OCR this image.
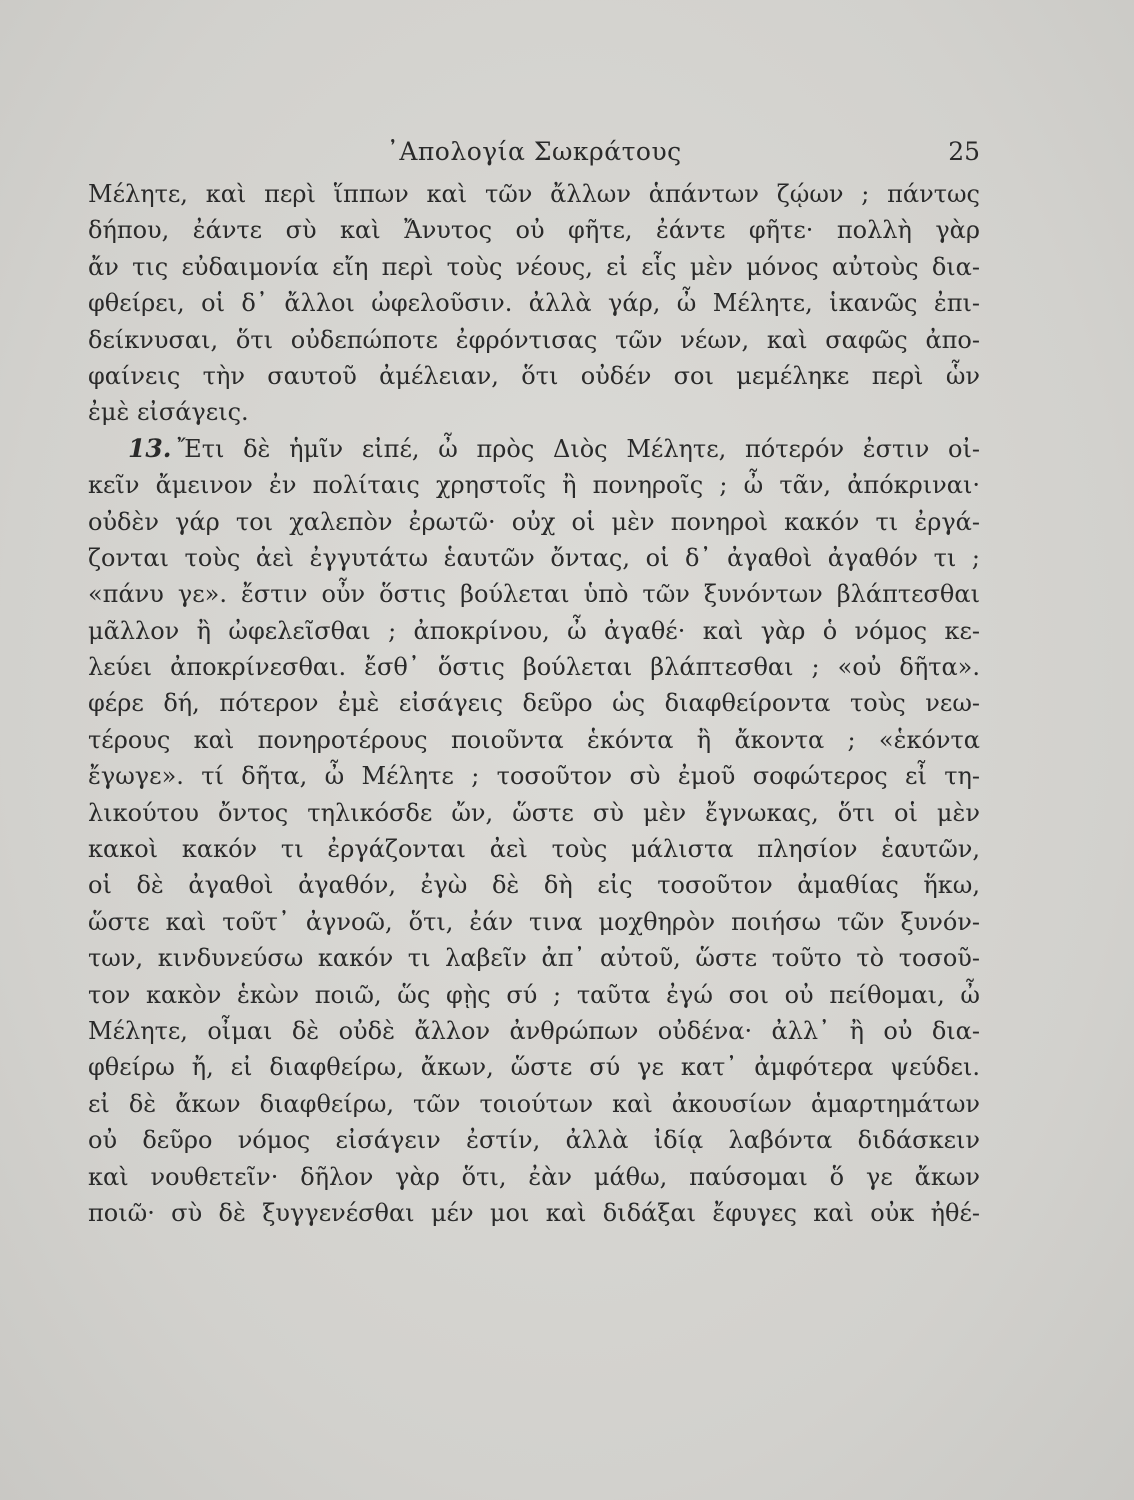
᾿Απολογία Σωκράτους	25
Μέλητε, καὶ περὶ ἵππων καὶ τῶν ἄλλων ἁπάντων ζῴων ; πάντως
δήπου, ἐάντε σὺ καὶ Ἄνυτος οὐ φῆτε, ἐάντε φῆτε· πολλὴ γὰρ
ἄν τις εὐδαιμονία εἴη περὶ τοὺς νέους, εἰ εἷς μὲν μόνος αὐτοὺς δια-
φθείρει, οἱ δ᾿ ἄλλοι ὠφελοῦσιν. ἀλλὰ γάρ, ὦ Μέλητε, ἱκανῶς ἐπι-
δείκνυσαι, ὅτι οὐδεπώποτε ἐφρόντισας τῶν νέων, καὶ σαφῶς ἀπο-
φαίνεις τὴν σαυτοῦ ἀμέλειαν, ὅτι οὐδέν σοι μεμέληκε περὶ ὧν
ἐμὲ εἰσάγεις.
13. Ἔτι δὲ ἡμῖν εἰπέ, ὦ πρὸς Διὸς Μέλητε, πότερόν ἐστιν οἰ-
κεῖν ἄμεινον ἐν πολίταις χρηστοῖς ἢ πονηροῖς ; ὦ τᾶν, ἀπόκριναι·
οὐδὲν γάρ τοι χαλεπὸν ἐρωτῶ· οὐχ οἱ μὲν πονηροὶ κακόν τι ἐργά-
ζονται τοὺς ἀεὶ ἐγγυτάτω ἑαυτῶν ὄντας, οἱ δ᾿ ἀγαθοὶ ἀγαθόν τι ;
«πάνυ γε». ἔστιν οὖν ὅστις βούλεται ὑπὸ τῶν ξυνόντων βλάπτεσθαι
μᾶλλον ἢ ὠφελεῖσθαι ; ἀποκρίνου, ὦ ἀγαθέ· καὶ γὰρ ὁ νόμος κε-
λεύει ἀποκρίνεσθαι. ἔσθ᾿ ὅστις βούλεται βλάπτεσθαι ; «οὐ δῆτα».
φέρε δή, πότερον ἐμὲ εἰσάγεις δεῦρο ὡς διαφθείροντα τοὺς νεω-
τέρους καὶ πονηροτέρους ποιοῦντα ἑκόντα ἢ ἄκοντα ; «ἑκόντα
ἔγωγε». τί δῆτα, ὦ Μέλητε ; τοσοῦτον σὺ ἐμοῦ σοφώτερος εἶ τη-
λικούτου ὄντος τηλικόσδε ὤν, ὥστε σὺ μὲν ἔγνωκας, ὅτι οἱ μὲν
κακοὶ κακόν τι ἐργάζονται ἀεὶ τοὺς μάλιστα πλησίον ἑαυτῶν,
οἱ δὲ ἀγαθοὶ ἀγαθόν, ἐγὼ δὲ δὴ εἰς τοσοῦτον ἀμαθίας ἥκω,
ὥστε καὶ τοῦτ᾿ ἀγνοῶ, ὅτι, ἐάν τινα μοχθηρὸν ποιήσω τῶν ξυνόν-
των, κινδυνεύσω κακόν τι λαβεῖν ἀπ᾿ αὐτοῦ, ὥστε τοῦτο τὸ τοσοῦ-
τον κακὸν ἑκὼν ποιῶ, ὥς φῂς σύ ; ταῦτα ἐγώ σοι οὐ πείθομαι, ὦ
Μέλητε, οἶμαι δὲ οὐδὲ ἄλλον ἀνθρώπων οὐδένα· ἀλλ᾿ ἢ οὐ δια-
φθείρω ἤ, εἰ διαφθείρω, ἄκων, ὥστε σύ γε κατ᾿ ἀμφότερα ψεύδει.
εἰ δὲ ἄκων διαφθείρω, τῶν τοιούτων καὶ ἀκουσίων ἁμαρτημάτων
οὐ δεῦρο νόμος εἰσάγειν ἐστίν, ἀλλὰ ἰδίᾳ λαβόντα διδάσκειν
καὶ νουθετεῖν· δῆλον γὰρ ὅτι, ἐὰν μάθω, παύσομαι ὅ γε ἄκων
ποιῶ· σὺ δὲ ξυγγενέσθαι μέν μοι καὶ διδάξαι ἔφυγες καὶ οὐκ ἠθέ-
